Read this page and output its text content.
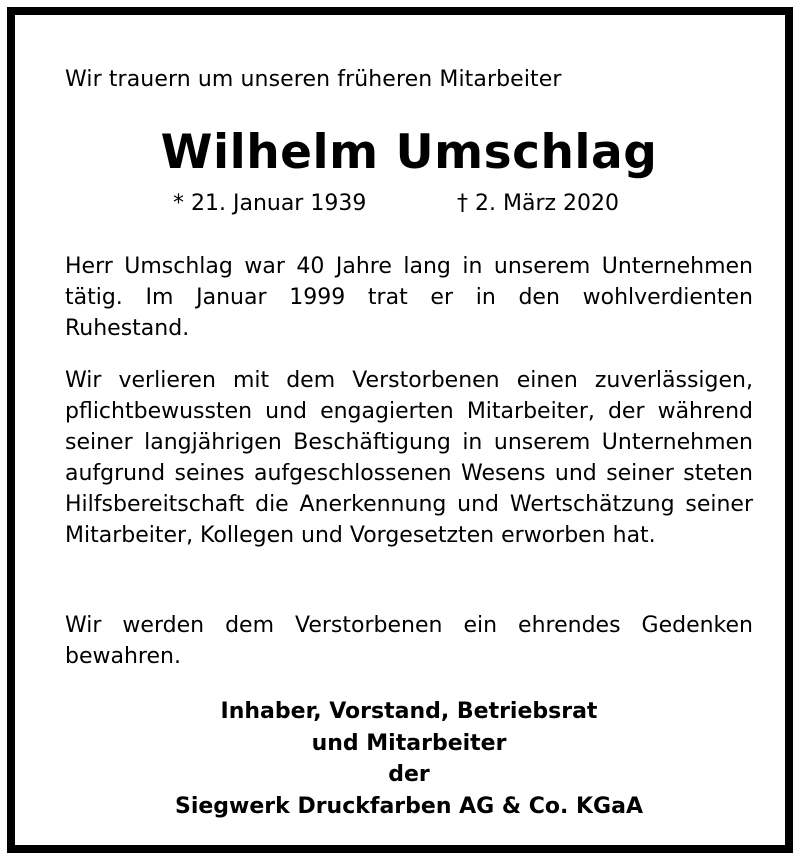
Wir trauern um unseren früheren Mitarbeiter
Wilhelm Umschlag
* 21. Januar 1939	† 2. März 2020
Herr Umschlag war 40 Jahre lang in unserem Unternehmen tätig. Im Januar 1999 trat er in den wohlverdienten Ruhestand.
Wir verlieren mit dem Verstorbenen einen zuverlässigen, pflichtbewussten und engagierten Mitarbeiter, der während seiner langjährigen Beschäftigung in unserem Unternehmen aufgrund seines aufgeschlossenen Wesens und seiner steten Hilfsbereitschaft die Anerkennung und Wertschätzung seiner Mitarbeiter, Kollegen und Vorgesetzten erworben hat.
Wir werden dem Verstorbenen ein ehrendes Gedenken bewahren.
Inhaber, Vorstand, Betriebsrat
und Mitarbeiter
der
Siegwerk Druckfarben AG & Co. KGaA
